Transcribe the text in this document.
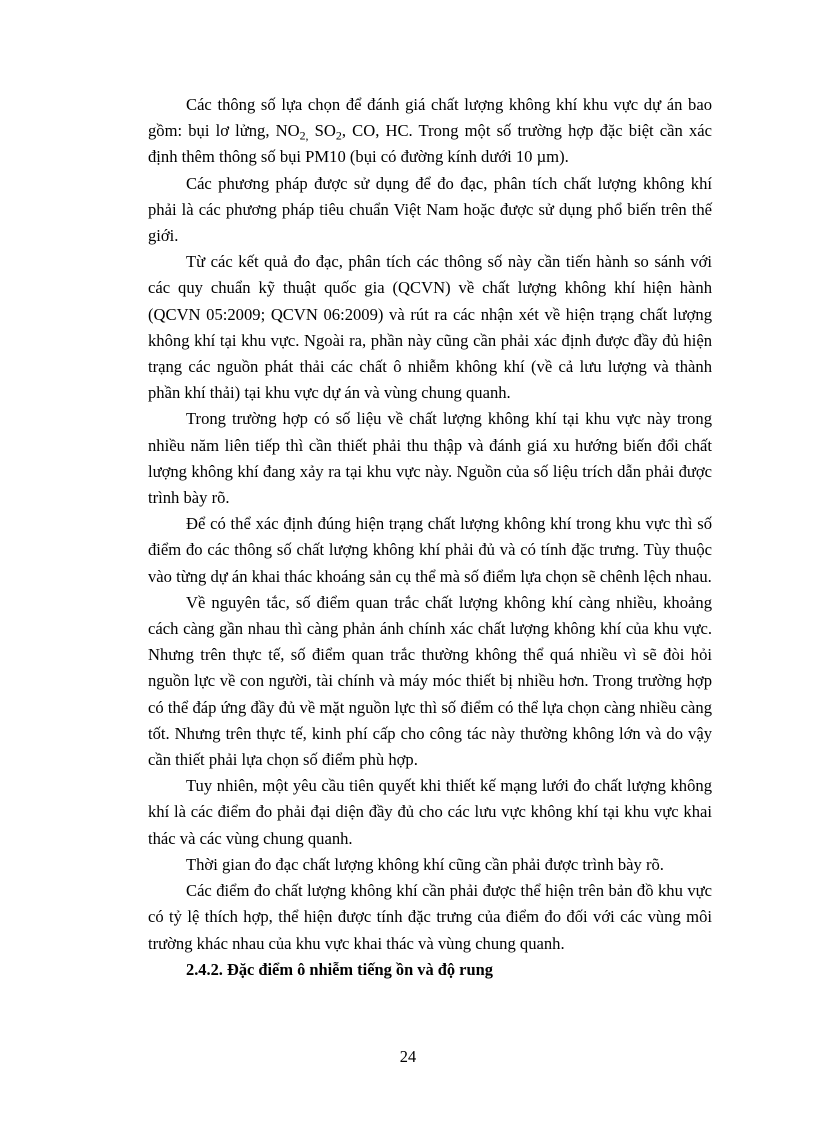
Các thông số lựa chọn để đánh giá chất lượng không khí khu vực dự án bao gồm: bụi lơ lửng, $NO_{2,}$ $SO_2$, CO, HC. Trong một số trường hợp đặc biệt cần xác định thêm thông số bụi PM10 (bụi có đường kính dưới 10 µm).

Các phương pháp được sử dụng để đo đạc, phân tích chất lượng không khí phải là các phương pháp tiêu chuẩn Việt Nam hoặc được sử dụng phổ biến trên thế giới.

Từ các kết quả đo đạc, phân tích các thông số này cần tiến hành so sánh với các quy chuẩn kỹ thuật quốc gia (QCVN) về chất lượng không khí hiện hành (QCVN 05:2009; QCVN 06:2009) và rút ra các nhận xét về hiện trạng chất lượng không khí tại khu vực. Ngoài ra, phần này cũng cần phải xác định được đầy đủ hiện trạng các nguồn phát thải các chất ô nhiễm không khí (về cả lưu lượng và thành phần khí thải) tại khu vực dự án và vùng chung quanh.

Trong trường hợp có số liệu về chất lượng không khí tại khu vực này trong nhiều năm liên tiếp thì cần thiết phải thu thập và đánh giá xu hướng biến đổi chất lượng không khí đang xảy ra tại khu vực này. Nguồn của số liệu trích dẫn phải được trình bày rõ.

Để có thể xác định đúng hiện trạng chất lượng không khí trong khu vực thì số điểm đo các thông số chất lượng không khí phải đủ và có tính đặc trưng. Tùy thuộc vào từng dự án khai thác khoáng sản cụ thể mà số điểm lựa chọn sẽ chênh lệch nhau.

Về nguyên tắc, số điểm quan trắc chất lượng không khí càng nhiều, khoảng cách càng gần nhau thì càng phản ánh chính xác chất lượng không khí của khu vực. Nhưng trên thực tế, số điểm quan trắc thường không thể quá nhiều vì sẽ đòi hỏi nguồn lực về con người, tài chính và máy móc thiết bị nhiều hơn. Trong trường hợp có thể đáp ứng đầy đủ về mặt nguồn lực thì số điểm có thể lựa chọn càng nhiều càng tốt. Nhưng trên thực tế, kinh phí cấp cho công tác này thường không lớn và do vậy cần thiết phải lựa chọn số điểm phù hợp.

Tuy nhiên, một yêu cầu tiên quyết khi thiết kế mạng lưới đo chất lượng không khí là các điểm đo phải đại diện đầy đủ cho các lưu vực không khí tại khu vực khai thác và các vùng chung quanh.

Thời gian đo đạc chất lượng không khí cũng cần phải được trình bày rõ.

Các điểm đo chất lượng không khí cần phải được thể hiện trên bản đồ khu vực có tỷ lệ thích hợp, thể hiện được tính đặc trưng của điểm đo đối với các vùng môi trường khác nhau của khu vực khai thác và vùng chung quanh.

2.4.2. Đặc điểm ô nhiễm tiếng ồn và độ rung

24
